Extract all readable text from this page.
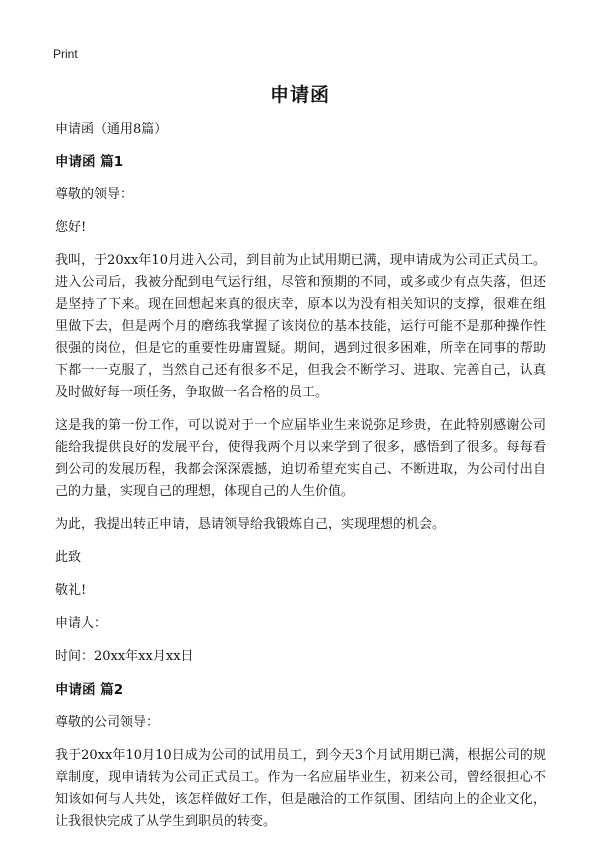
Print
申请函

申请函（通用8篇）

申请函 篇1

尊敬的领导：

您好!

我叫，于20xx年10月进入公司，到目前为止试用期已满，现申请成为公司正式员工。进入公司后，我被分配到电气运行组，尽管和预期的不同，或多或少有点失落，但还是坚持了下来。现在回想起来真的很庆幸，原本以为没有相关知识的支撑，很难在组里做下去，但是两个月的磨练我掌握了该岗位的基本技能，运行可能不是那种操作性很强的岗位，但是它的重要性毋庸置疑。期间，遇到过很多困难，所幸在同事的帮助下都一一克服了，当然自己还有很多不足，但我会不断学习、进取、完善自己，认真及时做好每一项任务，争取做一名合格的员工。

这是我的第一份工作，可以说对于一个应届毕业生来说弥足珍贵，在此特别感谢公司能给我提供良好的发展平台，使得我两个月以来学到了很多，感悟到了很多。每每看到公司的发展历程，我都会深深震撼，迫切希望充实自己、不断进取，为公司付出自己的力量，实现自己的理想，体现自己的人生价值。

为此，我提出转正申请，恳请领导给我锻炼自己，实现理想的机会。

此致

敬礼!

申请人：

时间：20xx年xx月xx日

申请函 篇2

尊敬的公司领导：

我于20xx年10月10日成为公司的试用员工，到今天3个月试用期已满，根据公司的规章制度，现申请转为公司正式员工。作为一名应届毕业生，初来公司，曾经很担心不知该如何与人共处，该怎样做好工作，但是融洽的工作氛围、团结向上的企业文化，让我很快完成了从学生到职员的转变。
